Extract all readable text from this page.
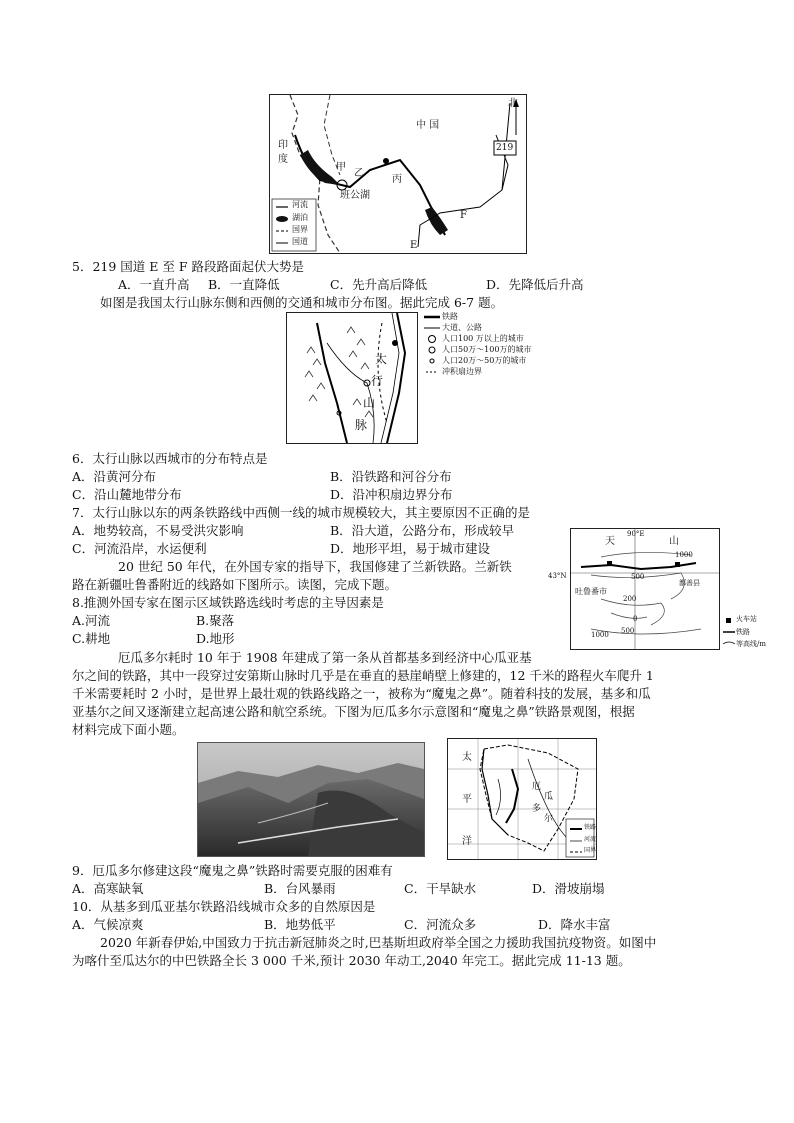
中 国
印
度
北
219
甲
乙
丙
班公湖
E
F
河流
湖泊
国界
国道
5．219 国道 E 至 F 路段路面起伏大势是
A．一直升高 B．一直降低	C．先升高后降低	D．先降低后升高
如图是我国太行山脉东侧和西侧的交通和城市分布图。据此完成 6-7 题。
太
行
山
脉
铁路
大道、公路
人口100 万以上的城市
人口50万～100万的城市
人口20万～50万的城市
冲积扇边界
6．太行山脉以西城市的分布特点是
A．沿黄河分布	B．沿铁路和河谷分布
C．沿山麓地带分布	D．沿冲积扇边界分布
7．太行山脉以东的两条铁路线中西侧一线的城市规模较大，其主要原因不正确的是
A．地势较高，不易受洪灾影响	B．沿大道，公路分布，形成较早
C．河流沿岸，水运便利	D．地形平坦，易于城市建设
20 世纪 50 年代，在外国专家的指导下，我国修建了兰新铁路。兰新铁
路在新疆吐鲁番附近的线路如下图所示。读图，完成下题。
90°E
天	山
吐鲁番市
鄯善县
1000
500
200
0
500
1000
43°N
火车站
铁路
等高线/m
8.推测外国专家在图示区域铁路选线时考虑的主导因素是
A.河流	B.聚落
C.耕地	D.地形
厄瓜多尔耗时 10 年于 1908 年建成了第一条从首都基多到经济中心瓜亚基
尔之间的铁路，其中一段穿过安第斯山脉时几乎是在垂直的悬崖峭壁上修建的，12 千米的路程火车爬升 1
千米需要耗时 2 小时，是世界上最壮观的铁路线路之一，被称为“魔鬼之鼻”。随着科技的发展，基多和瓜
亚基尔之间又逐渐建立起高速公路和航空系统。下图为厄瓜多尔示意图和“魔鬼之鼻”铁路景观图，根据
材料完成下面小题。
太
平
洋
厄
瓜
多
尔
铁路
河流
国界
9．厄瓜多尔修建这段“魔鬼之鼻”铁路时需要克服的困难有
A．高寒缺氧	B．台风暴雨	C．干旱缺水	D．滑坡崩塌
10．从基多到瓜亚基尔铁路沿线城市众多的自然原因是
A．气候凉爽	B．地势低平	C．河流众多	D．降水丰富
2020 年新春伊始,中国致力于抗击新冠肺炎之时,巴基斯坦政府举全国之力援助我国抗疫物资。如图中
为喀什至瓜达尔的中巴铁路全长 3 000 千米,预计 2030 年动工,2040 年完工。据此完成 11-13 题。
